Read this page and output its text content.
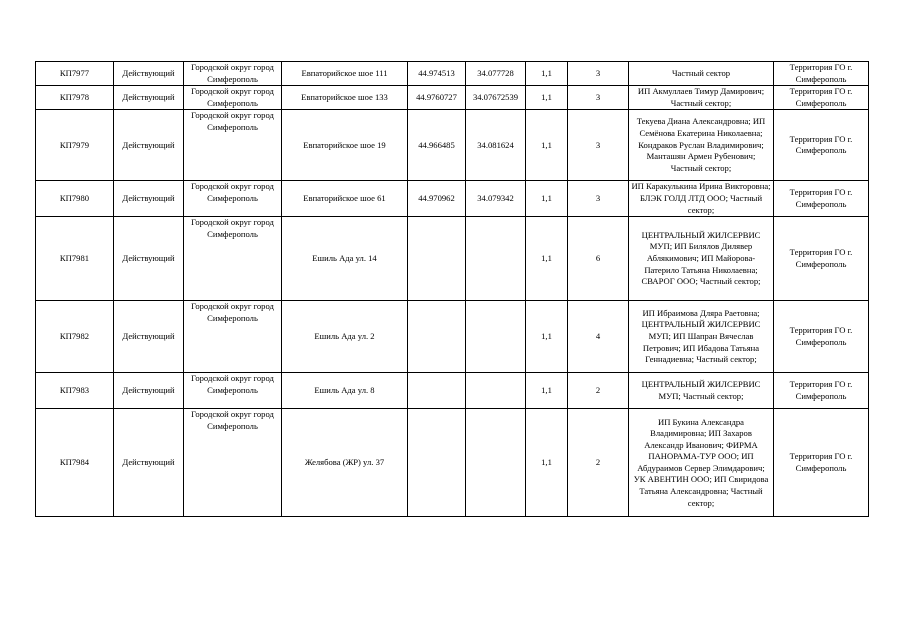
КП7977	Действующий	Городской округ город Симферополь	Евпаторийское шое 111	44.974513	34.077728	1,1	3	Частный сектор	Территория ГО г. Симферополь
КП7978	Действующий	Городской округ город Симферополь	Евпаторийское шое 133	44.9760727	34.07672539	1,1	3	ИП Акмуллаев Тимур Дамирович; Частный сектор;	Территория ГО г. Симферополь
КП7979	Действующий	Городской округ город Симферополь	Евпаторийское шое 19	44.966485	34.081624	1,1	3	Текуева Диана Александровна; ИП Семёнова Екатерина Николаевна; Кондраков Руслан Владимирович; Манташян Армен Рубенович; Частный сектор;	Территория ГО г. Симферополь
КП7980	Действующий	Городской округ город Симферополь	Евпаторийское шое 61	44.970962	34.079342	1,1	3	ИП Каракулькина Ирина Викторовна; БЛЭК ГОЛД ЛТД ООО; Частный сектор;	Территория ГО г. Симферополь
КП7981	Действующий	Городской округ город Симферополь	Ешиль Ада ул. 14			1,1	6	ЦЕНТРАЛЬНЫЙ ЖИЛСЕРВИС МУП; ИП Билялов Дилявер Аблякимович; ИП Майорова-Патерило Татьяна Николаевна; СВАРОГ ООО; Частный сектор;	Территория ГО г. Симферополь
КП7982	Действующий	Городской округ город Симферополь	Ешиль Ада ул. 2			1,1	4	ИП Ибраимова Дляра Раетовна; ЦЕНТРАЛЬНЫЙ ЖИЛСЕРВИС МУП; ИП Шапран Вячеслав Петрович; ИП Ибадова Татьяна Геннадиевна; Частный сектор;	Территория ГО г. Симферополь
КП7983	Действующий	Городской округ город Симферополь	Ешиль Ада ул. 8			1,1	2	ЦЕНТРАЛЬНЫЙ ЖИЛСЕРВИС МУП; Частный сектор;	Территория ГО г. Симферополь
КП7984	Действующий	Городской округ город Симферополь	Желябова (ЖР) ул. 37			1,1	2	ИП Букина Александра Владимировна; ИП Захаров Александр Иванович; ФИРМА ПАНОРАМА-ТУР ООО; ИП Абдураимов Сервер Элимдарович; УК АВЕНТИН ООО; ИП Свиридова Татьяна Александровна; Частный сектор;	Территория ГО г. Симферополь
